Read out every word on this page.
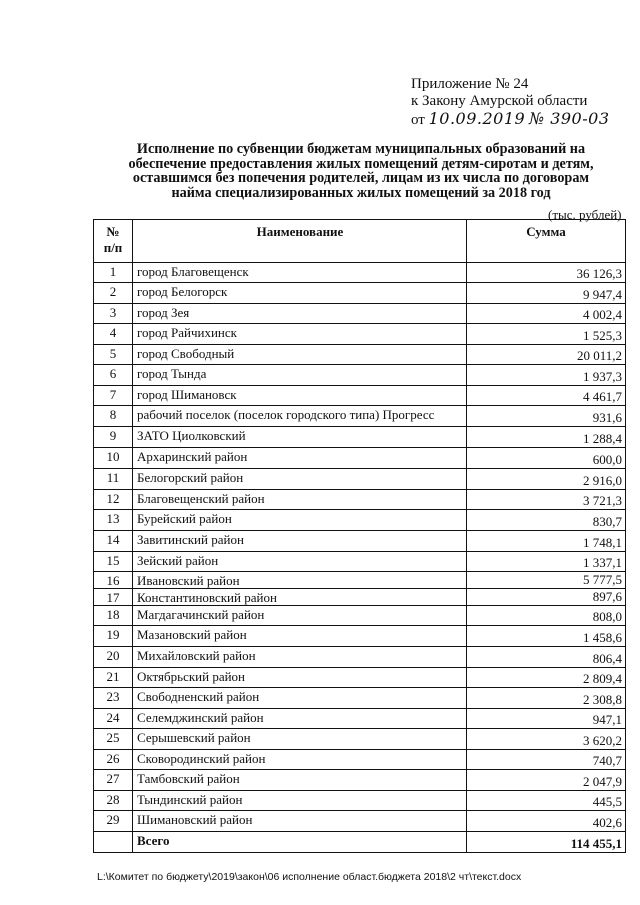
Приложение № 24
к Закону Амурской области
от 10.09.2019 № 390-03
Исполнение по субвенции бюджетам муниципальных образований на
обеспечение предоставления жилых помещений детям-сиротам и детям,
оставшимся без попечения родителей, лицам из их числа по договорам
найма специализированных жилых помещений за 2018 год
(тыс. рублей)
№
п/п	Наименование	Сумма
1	город Благовещенск	36 126,3
2	город Белогорск	9 947,4
3	город Зея	4 002,4
4	город Райчихинск	1 525,3
5	город Свободный	20 011,2
6	город Тында	1 937,3
7	город Шимановск	4 461,7
8	рабочий поселок (поселок городского типа) Прогресс	931,6
9	ЗАТО Циолковский	1 288,4
10	Архаринский район	600,0
11	Белогорский район	2 916,0
12	Благовещенский район	3 721,3
13	Бурейский район	830,7
14	Завитинский район	1 748,1
15	Зейский район	1 337,1
16	Ивановский район	5 777,5
17	Константиновский район	897,6
18	Магдагачинский район	808,0
19	Мазановский район	1 458,6
20	Михайловский район	806,4
21	Октябрьский район	2 809,4
23	Свободненский район	2 308,8
24	Селемджинский район	947,1
25	Серышевский район	3 620,2
26	Сковородинский район	740,7
27	Тамбовский район	2 047,9
28	Тындинский район	445,5
29	Шимановский район	402,6
	Всего	114 455,1
L:\Комитет по бюджету\2019\закон\06 исполнение област.бюджета 2018\2 чт\текст.docx
